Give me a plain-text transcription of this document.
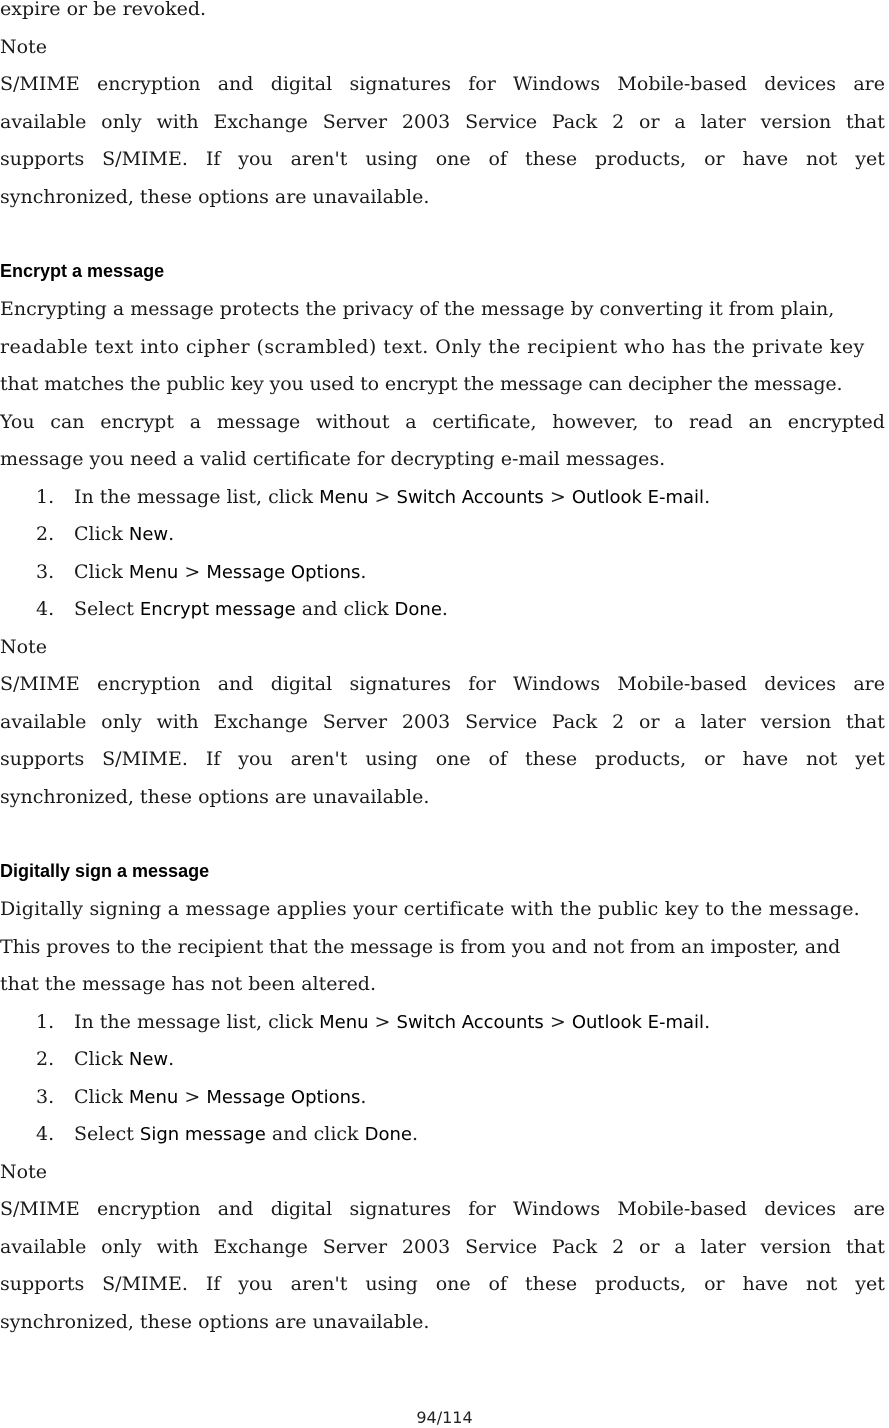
expire or be revoked.
Note
S/MIME encryption and digital signatures for Windows Mobile-based devices are
available only with Exchange Server 2003 Service Pack 2 or a later version that
supports S/MIME. If you aren't using one of these products, or have not yet
synchronized, these options are unavailable.
Encrypt a message
Encrypting a message protects the privacy of the message by converting it from plain,
readable text into cipher (scrambled) text. Only the recipient who has the private key
that matches the public key you used to encrypt the message can decipher the message.
You can encrypt a message without a certificate, however, to read an encrypted
message you need a valid certificate for decrypting e-mail messages.
1. In the message list, click Menu > Switch Accounts > Outlook E-mail.
2. Click New.
3. Click Menu > Message Options.
4. Select Encrypt message and click Done.
Note
S/MIME encryption and digital signatures for Windows Mobile-based devices are
available only with Exchange Server 2003 Service Pack 2 or a later version that
supports S/MIME. If you aren't using one of these products, or have not yet
synchronized, these options are unavailable.
Digitally sign a message
Digitally signing a message applies your certificate with the public key to the message.
This proves to the recipient that the message is from you and not from an imposter, and
that the message has not been altered.
1. In the message list, click Menu > Switch Accounts > Outlook E-mail.
2. Click New.
3. Click Menu > Message Options.
4. Select Sign message and click Done.
Note
S/MIME encryption and digital signatures for Windows Mobile-based devices are
available only with Exchange Server 2003 Service Pack 2 or a later version that
supports S/MIME. If you aren't using one of these products, or have not yet
synchronized, these options are unavailable.
94/114
